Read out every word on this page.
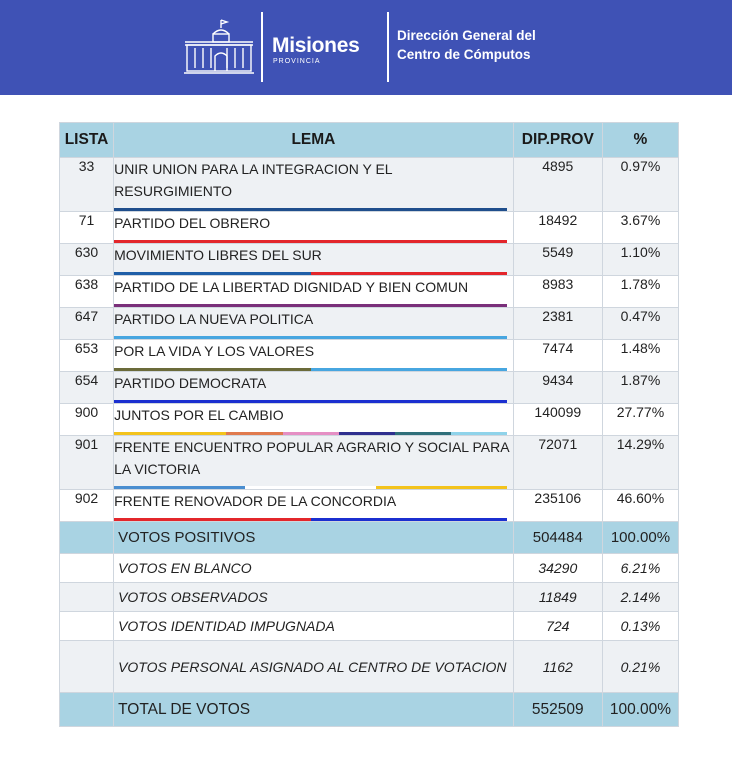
Misiones
PROVINCIA
Dirección General del
Centro de Cómputos
LISTA	LEMA	DIP.PROV	%
33	UNIR UNION PARA LA INTEGRACION Y EL RESURGIMIENTO	4895	0.97%
71	PARTIDO DEL OBRERO	18492	3.67%
630	MOVIMIENTO LIBRES DEL SUR	5549	1.10%
638	PARTIDO DE LA LIBERTAD DIGNIDAD Y BIEN COMUN	8983	1.78%
647	PARTIDO LA NUEVA POLITICA	2381	0.47%
653	POR LA VIDA Y LOS VALORES	7474	1.48%
654	PARTIDO DEMOCRATA	9434	1.87%
900	JUNTOS POR EL CAMBIO	140099	27.77%
901	FRENTE ENCUENTRO POPULAR AGRARIO Y SOCIAL PARA LA VICTORIA	72071	14.29%
902	FRENTE RENOVADOR DE LA CONCORDIA	235106	46.60%
	VOTOS POSITIVOS	504484	100.00%
	VOTOS EN BLANCO	34290	6.21%
	VOTOS OBSERVADOS	11849	2.14%
	VOTOS IDENTIDAD IMPUGNADA	724	0.13%
	VOTOS PERSONAL ASIGNADO AL CENTRO DE VOTACION	1162	0.21%
	TOTAL DE VOTOS	552509	100.00%
